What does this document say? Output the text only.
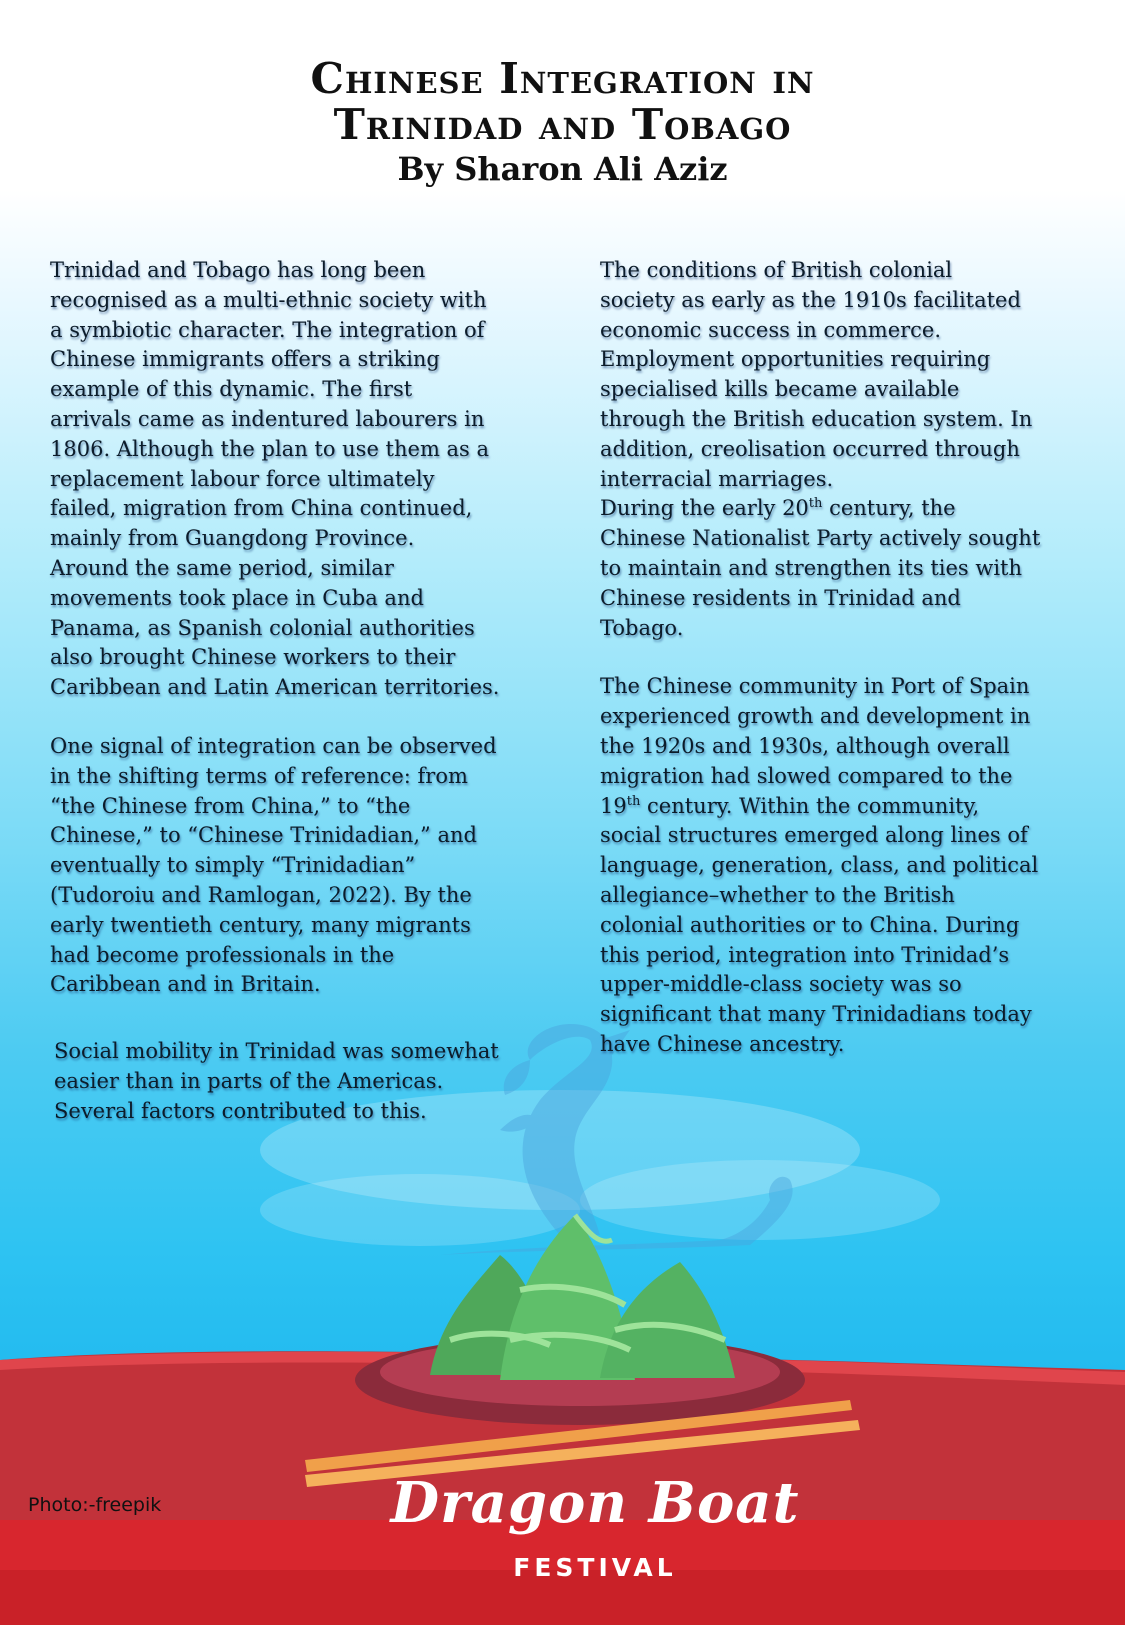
Chinese Integration in
Trinidad and Tobago

By Sharon Ali Aziz

Trinidad and Tobago has long been

recognised as a multi-ethnic society with

a symbiotic character. The integration of

Chinese immigrants offers a striking

example of this dynamic. The first

arrivals came as indentured labourers in

1806. Although the plan to use them as a

replacement labour force ultimately

failed, migration from China continued,

mainly from Guangdong Province.

Around the same period, similar

movements took place in Cuba and

Panama, as Spanish colonial authorities

also brought Chinese workers to their

Caribbean and Latin American territories.

One signal of integration can be observed

in the shifting terms of reference: from

“the Chinese from China,” to “the

Chinese,” to “Chinese Trinidadian,” and

eventually to simply “Trinidadian”

(Tudoroiu and Ramlogan, 2022). By the

early twentieth century, many migrants

had become professionals in the

Caribbean and in Britain.

Social mobility in Trinidad was somewhat

easier than in parts of the Americas.

Several factors contributed to this.

The conditions of British colonial

society as early as the 1910s facilitated

economic success in commerce.

Employment opportunities requiring

specialised kills became available

through the British education system. In

addition, creolisation occurred through

interracial marriages.

During the early 20th century, the

Chinese Nationalist Party actively sought

to maintain and strengthen its ties with

Chinese residents in Trinidad and

Tobago.

The Chinese community in Port of Spain

experienced growth and development in

the 1920s and 1930s, although overall

migration had slowed compared to the

19th century. Within the community,

social structures emerged along lines of

language, generation, class, and political

allegiance–whether to the British

colonial authorities or to China. During

this period, integration into Trinidad’s

upper-middle-class society was so

significant that many Trinidadians today

have Chinese ancestry.

Photo:-freepik	Dragon Boat
FESTIVAL
